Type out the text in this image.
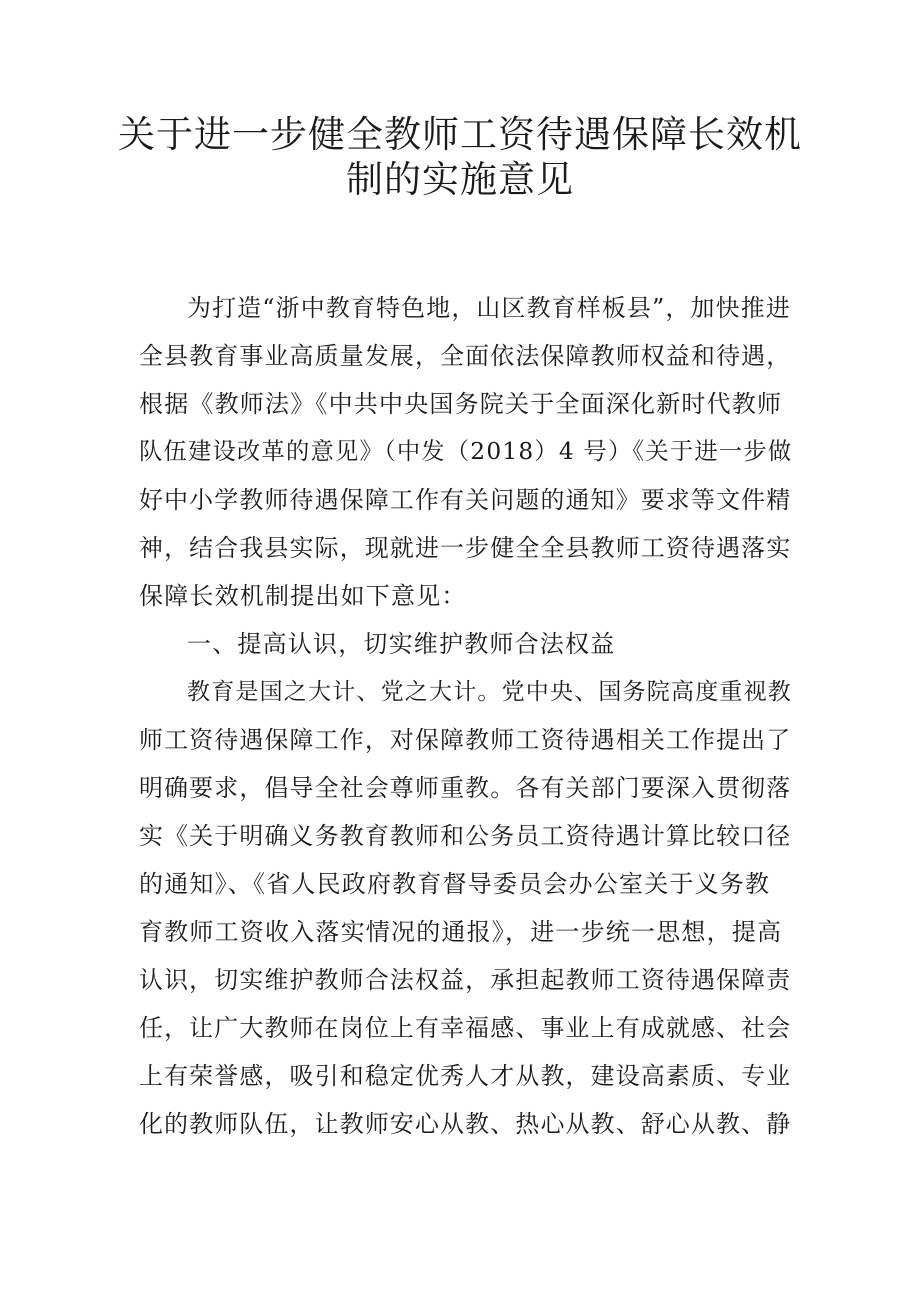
关于进一步健全教师工资待遇保障长效机
制的实施意见

为打造“浙中教育特色地，山区教育样板县”，加快推进

全县教育事业高质量发展，全面依法保障教师权益和待遇，

根据《教师法》《中共中央国务院关于全面深化新时代教师

队伍建设改革的意见》（中发（2018）4 号）《关于进一步做

好中小学教师待遇保障工作有关问题的通知》要求等文件精

神，结合我县实际，现就进一步健全全县教师工资待遇落实

保障长效机制提出如下意见：

一、提高认识，切实维护教师合法权益

教育是国之大计、党之大计。党中央、国务院高度重视教

师工资待遇保障工作，对保障教师工资待遇相关工作提出了

明确要求，倡导全社会尊师重教。各有关部门要深入贯彻落

实《关于明确义务教育教师和公务员工资待遇计算比较口径

的通知》、《省人民政府教育督导委员会办公室关于义务教

育教师工资收入落实情况的通报》，进一步统一思想，提高

认识，切实维护教师合法权益，承担起教师工资待遇保障责

任，让广大教师在岗位上有幸福感、事业上有成就感、社会

上有荣誉感，吸引和稳定优秀人才从教，建设高素质、专业

化的教师队伍，让教师安心从教、热心从教、舒心从教、静
